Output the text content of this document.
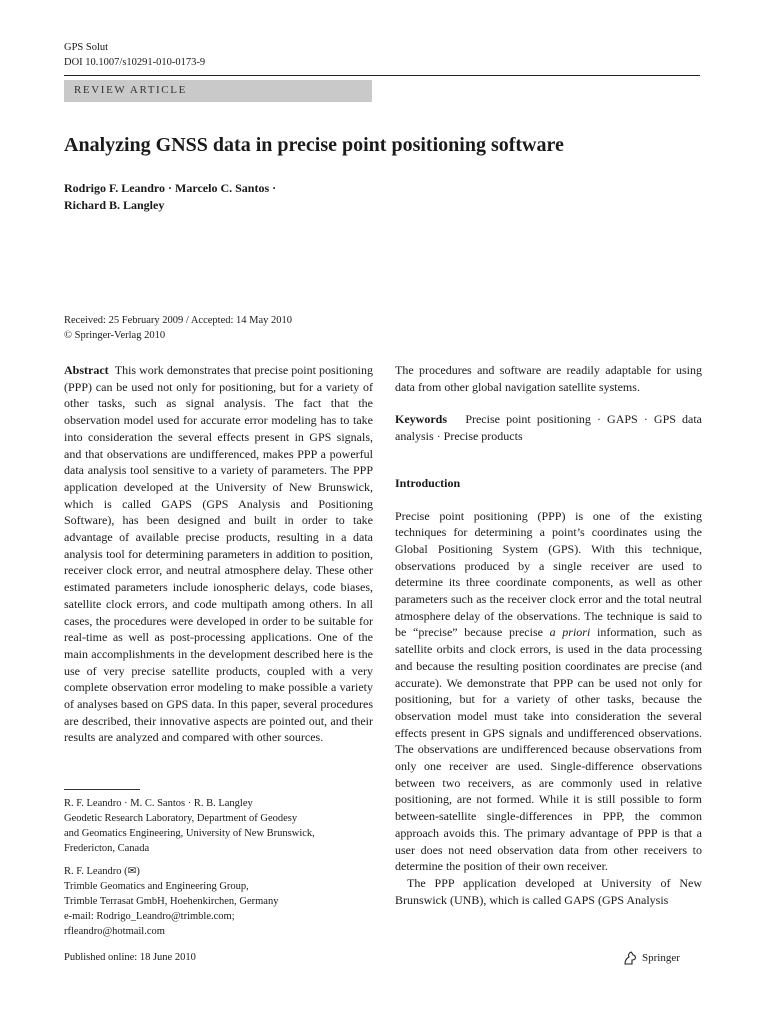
GPS Solut
DOI 10.1007/s10291-010-0173-9
REVIEW ARTICLE
Analyzing GNSS data in precise point positioning software
Rodrigo F. Leandro · Marcelo C. Santos ·
Richard B. Langley
Received: 25 February 2009 / Accepted: 14 May 2010
© Springer-Verlag 2010

Abstract This work demonstrates that precise point positioning (PPP) can be used not only for positioning, but for a variety of other tasks, such as signal analysis. The fact that the observation model used for accurate error modeling has to take into consideration the several effects present in GPS signals, and that observations are undifferenced, makes PPP a powerful data analysis tool sensitive to a variety of parameters. The PPP application developed at the University of New Brunswick, which is called GAPS (GPS Analysis and Positioning Software), has been designed and built in order to take advantage of available precise products, resulting in a data analysis tool for determining parameters in addition to position, receiver clock error, and neutral atmosphere delay. These other estimated parameters include ionospheric delays, code biases, satellite clock errors, and code multipath among others. In all cases, the procedures were developed in order to be suitable for real-time as well as post-processing applications. One of the main accomplishments in the development described here is the use of very precise satellite products, coupled with a very complete observation error modeling to make possible a variety of analyses based on GPS data. In this paper, several procedures are described, their innovative aspects are pointed out, and their results are analyzed and compared with other sources.

The procedures and software are readily adaptable for using data from other global navigation satellite systems.

Keywords Precise point positioning · GAPS · GPS data analysis · Precise products

Introduction

Precise point positioning (PPP) is one of the existing techniques for determining a point’s coordinates using the Global Positioning System (GPS). With this technique, observations produced by a single receiver are used to determine its three coordinate components, as well as other parameters such as the receiver clock error and the total neutral atmosphere delay of the observations. The technique is said to be “precise” because precise a priori information, such as satellite orbits and clock errors, is used in the data processing and because the resulting position coordinates are precise (and accurate). We demonstrate that PPP can be used not only for positioning, but for a variety of other tasks, because the observation model must take into consideration the several effects present in GPS signals and undifferenced observations. The observations are undifferenced because observations from only one receiver are used. Single-difference observations between two receivers, as are commonly used in relative positioning, are not formed. While it is still possible to form between-satellite single-differences in PPP, the common approach avoids this. The primary advantage of PPP is that a user does not need observation data from other receivers to determine the position of their own receiver.

The PPP application developed at University of New Brunswick (UNB), which is called GAPS (GPS Analysis

R. F. Leandro · M. C. Santos · R. B. Langley

Geodetic Research Laboratory, Department of Geodesy

and Geomatics Engineering, University of New Brunswick,

Fredericton, Canada

R. F. Leandro (✉)

Trimble Geomatics and Engineering Group,

Trimble Terrasat GmbH, Hoehenkirchen, Germany

e-mail: Rodrigo_Leandro@trimble.com;

rfleandro@hotmail.com

Published online: 18 June 2010	Springer
